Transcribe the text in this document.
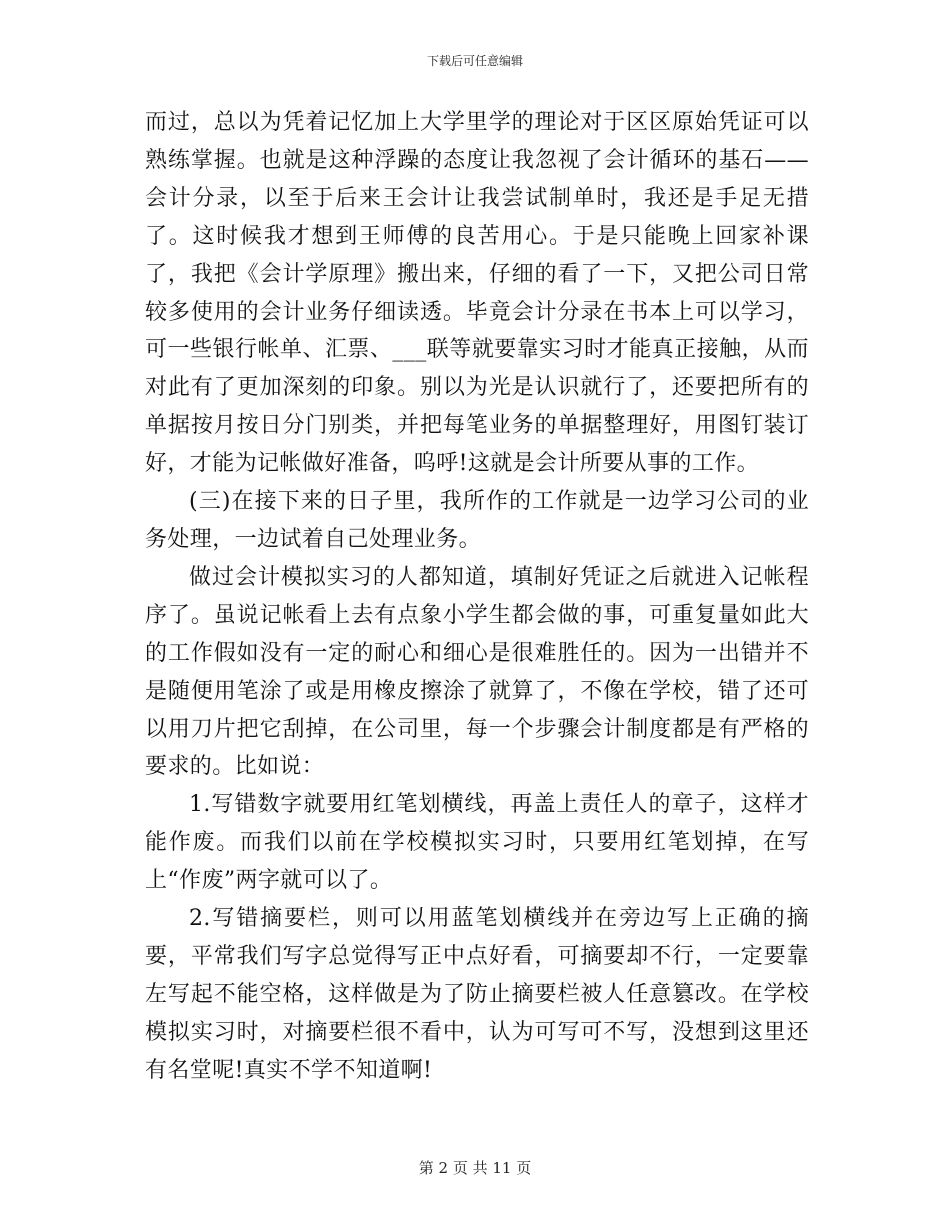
下载后可任意编辑

而过，总以为凭着记忆加上大学里学的理论对于区区原始凭证可以熟练掌握。也就是这种浮躁的态度让我忽视了会计循环的基石——会计分录，以至于后来王会计让我尝试制单时，我还是手足无措了。这时候我才想到王师傅的良苦用心。于是只能晚上回家补课了，我把《会计学原理》搬出来，仔细的看了一下，又把公司日常较多使用的会计业务仔细读透。毕竟会计分录在书本上可以学习，可一些银行帐单、汇票、___联等就要靠实习时才能真正接触，从而对此有了更加深刻的印象。别以为光是认识就行了，还要把所有的单据按月按日分门别类，并把每笔业务的单据整理好，用图钉装订好，才能为记帐做好准备，呜呼!这就是会计所要从事的工作。

(三)在接下来的日子里，我所作的工作就是一边学习公司的业务处理，一边试着自己处理业务。

做过会计模拟实习的人都知道，填制好凭证之后就进入记帐程序了。虽说记帐看上去有点象小学生都会做的事，可重复量如此大的工作假如没有一定的耐心和细心是很难胜任的。因为一出错并不是随便用笔涂了或是用橡皮擦涂了就算了，不像在学校，错了还可以用刀片把它刮掉，在公司里，每一个步骤会计制度都是有严格的要求的。比如说：

1.写错数字就要用红笔划横线，再盖上责任人的章子，这样才能作废。而我们以前在学校模拟实习时，只要用红笔划掉，在写上“作废”两字就可以了。

2.写错摘要栏，则可以用蓝笔划横线并在旁边写上正确的摘要，平常我们写字总觉得写正中点好看，可摘要却不行，一定要靠左写起不能空格，这样做是为了防止摘要栏被人任意篡改。在学校模拟实习时，对摘要栏很不看中，认为可写可不写，没想到这里还有名堂呢!真实不学不知道啊!

第 2 页 共 11 页
